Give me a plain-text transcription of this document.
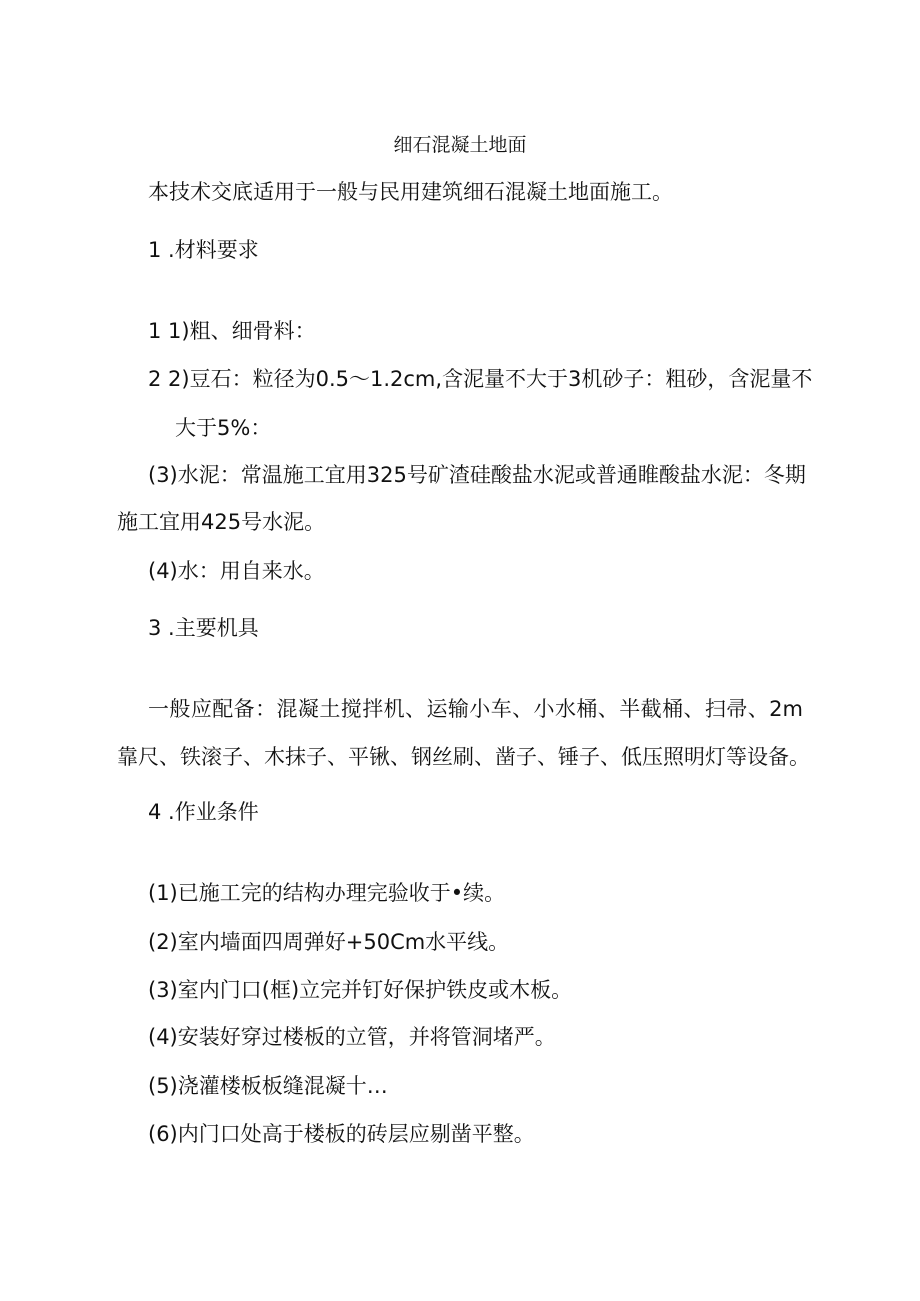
细石混凝土地面
本技术交底适用于一般与民用建筑细石混凝土地面施工。
1 .材料要求
1 1)粗、细骨料：
2 2)豆石：粒径为0.5～1.2cm,含泥量不大于3机砂子：粗砂，含泥量不
大于5%：
(3)水泥：常温施工宜用325号矿渣硅酸盐水泥或普通睢酸盐水泥：冬期
施工宜用425号水泥。
(4)水：用自来水。
3 .主要机具
一般应配备：混凝土搅拌机、运输小车、小水桶、半截桶、扫帚、2m
靠尺、铁滚子、木抹子、平锹、钢丝刷、凿子、锤子、低压照明灯等设备。
4 .作业条件
(1)已施工完的结构办理完验收于•续。
(2)室内墙面四周弹好+50Cm水平线。
(3)室内门口(框)立完并钉好保护铁皮或木板。
(4)安装好穿过楼板的立管，并将管洞堵严。
(5)浇灌楼板板缝混凝十…
(6)内门口处高于楼板的砖层应剔凿平整。
